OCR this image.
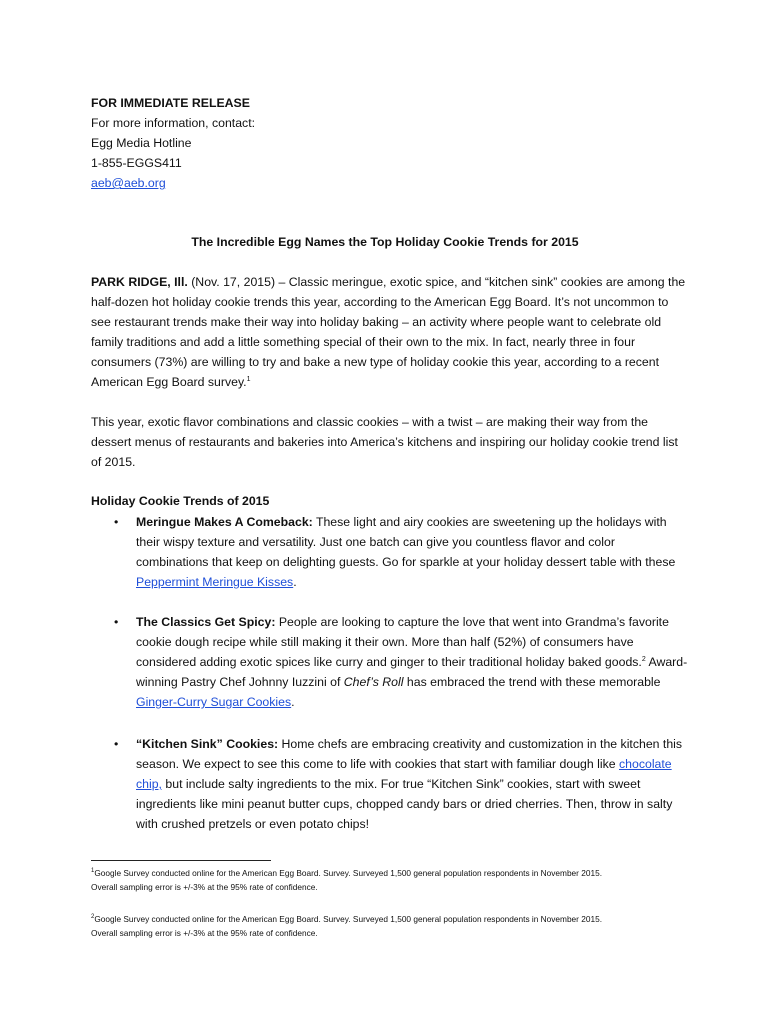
FOR IMMEDIATE RELEASE
For more information, contact:
Egg Media Hotline
1-855-EGGS411
aeb@aeb.org
The Incredible Egg Names the Top Holiday Cookie Trends for 2015
PARK RIDGE, Ill. (Nov. 17, 2015) – Classic meringue, exotic spice, and “kitchen sink” cookies are among the half-dozen hot holiday cookie trends this year, according to the American Egg Board. It’s not uncommon to see restaurant trends make their way into holiday baking – an activity where people want to celebrate old family traditions and add a little something special of their own to the mix. In fact, nearly three in four consumers (73%) are willing to try and bake a new type of holiday cookie this year, according to a recent American Egg Board survey.$^1$
This year, exotic flavor combinations and classic cookies – with a twist – are making their way from the dessert menus of restaurants and bakeries into America’s kitchens and inspiring our holiday cookie trend list of 2015.
Holiday Cookie Trends of 2015
• Meringue Makes A Comeback: These light and airy cookies are sweetening up the holidays with their wispy texture and versatility. Just one batch can give you countless flavor and color combinations that keep on delighting guests. Go for sparkle at your holiday dessert table with these Peppermint Meringue Kisses.
• The Classics Get Spicy: People are looking to capture the love that went into Grandma’s favorite cookie dough recipe while still making it their own. More than half (52%) of consumers have considered adding exotic spices like curry and ginger to their traditional holiday baked goods.$^2$ Award-winning Pastry Chef Johnny Iuzzini of Chef’s Roll has embraced the trend with these memorable Ginger-Curry Sugar Cookies.
• “Kitchen Sink” Cookies: Home chefs are embracing creativity and customization in the kitchen this season. We expect to see this come to life with cookies that start with familiar dough like chocolate chip, but include salty ingredients to the mix. For true “Kitchen Sink” cookies, start with sweet ingredients like mini peanut butter cups, chopped candy bars or dried cherries. Then, throw in salty with crushed pretzels or even potato chips!
$^1$Google Survey conducted online for the American Egg Board. Survey. Surveyed 1,500 general population respondents in November 2015.
Overall sampling error is +/-3% at the 95% rate of confidence.
$^2$Google Survey conducted online for the American Egg Board. Survey. Surveyed 1,500 general population respondents in November 2015.
Overall sampling error is +/-3% at the 95% rate of confidence.
